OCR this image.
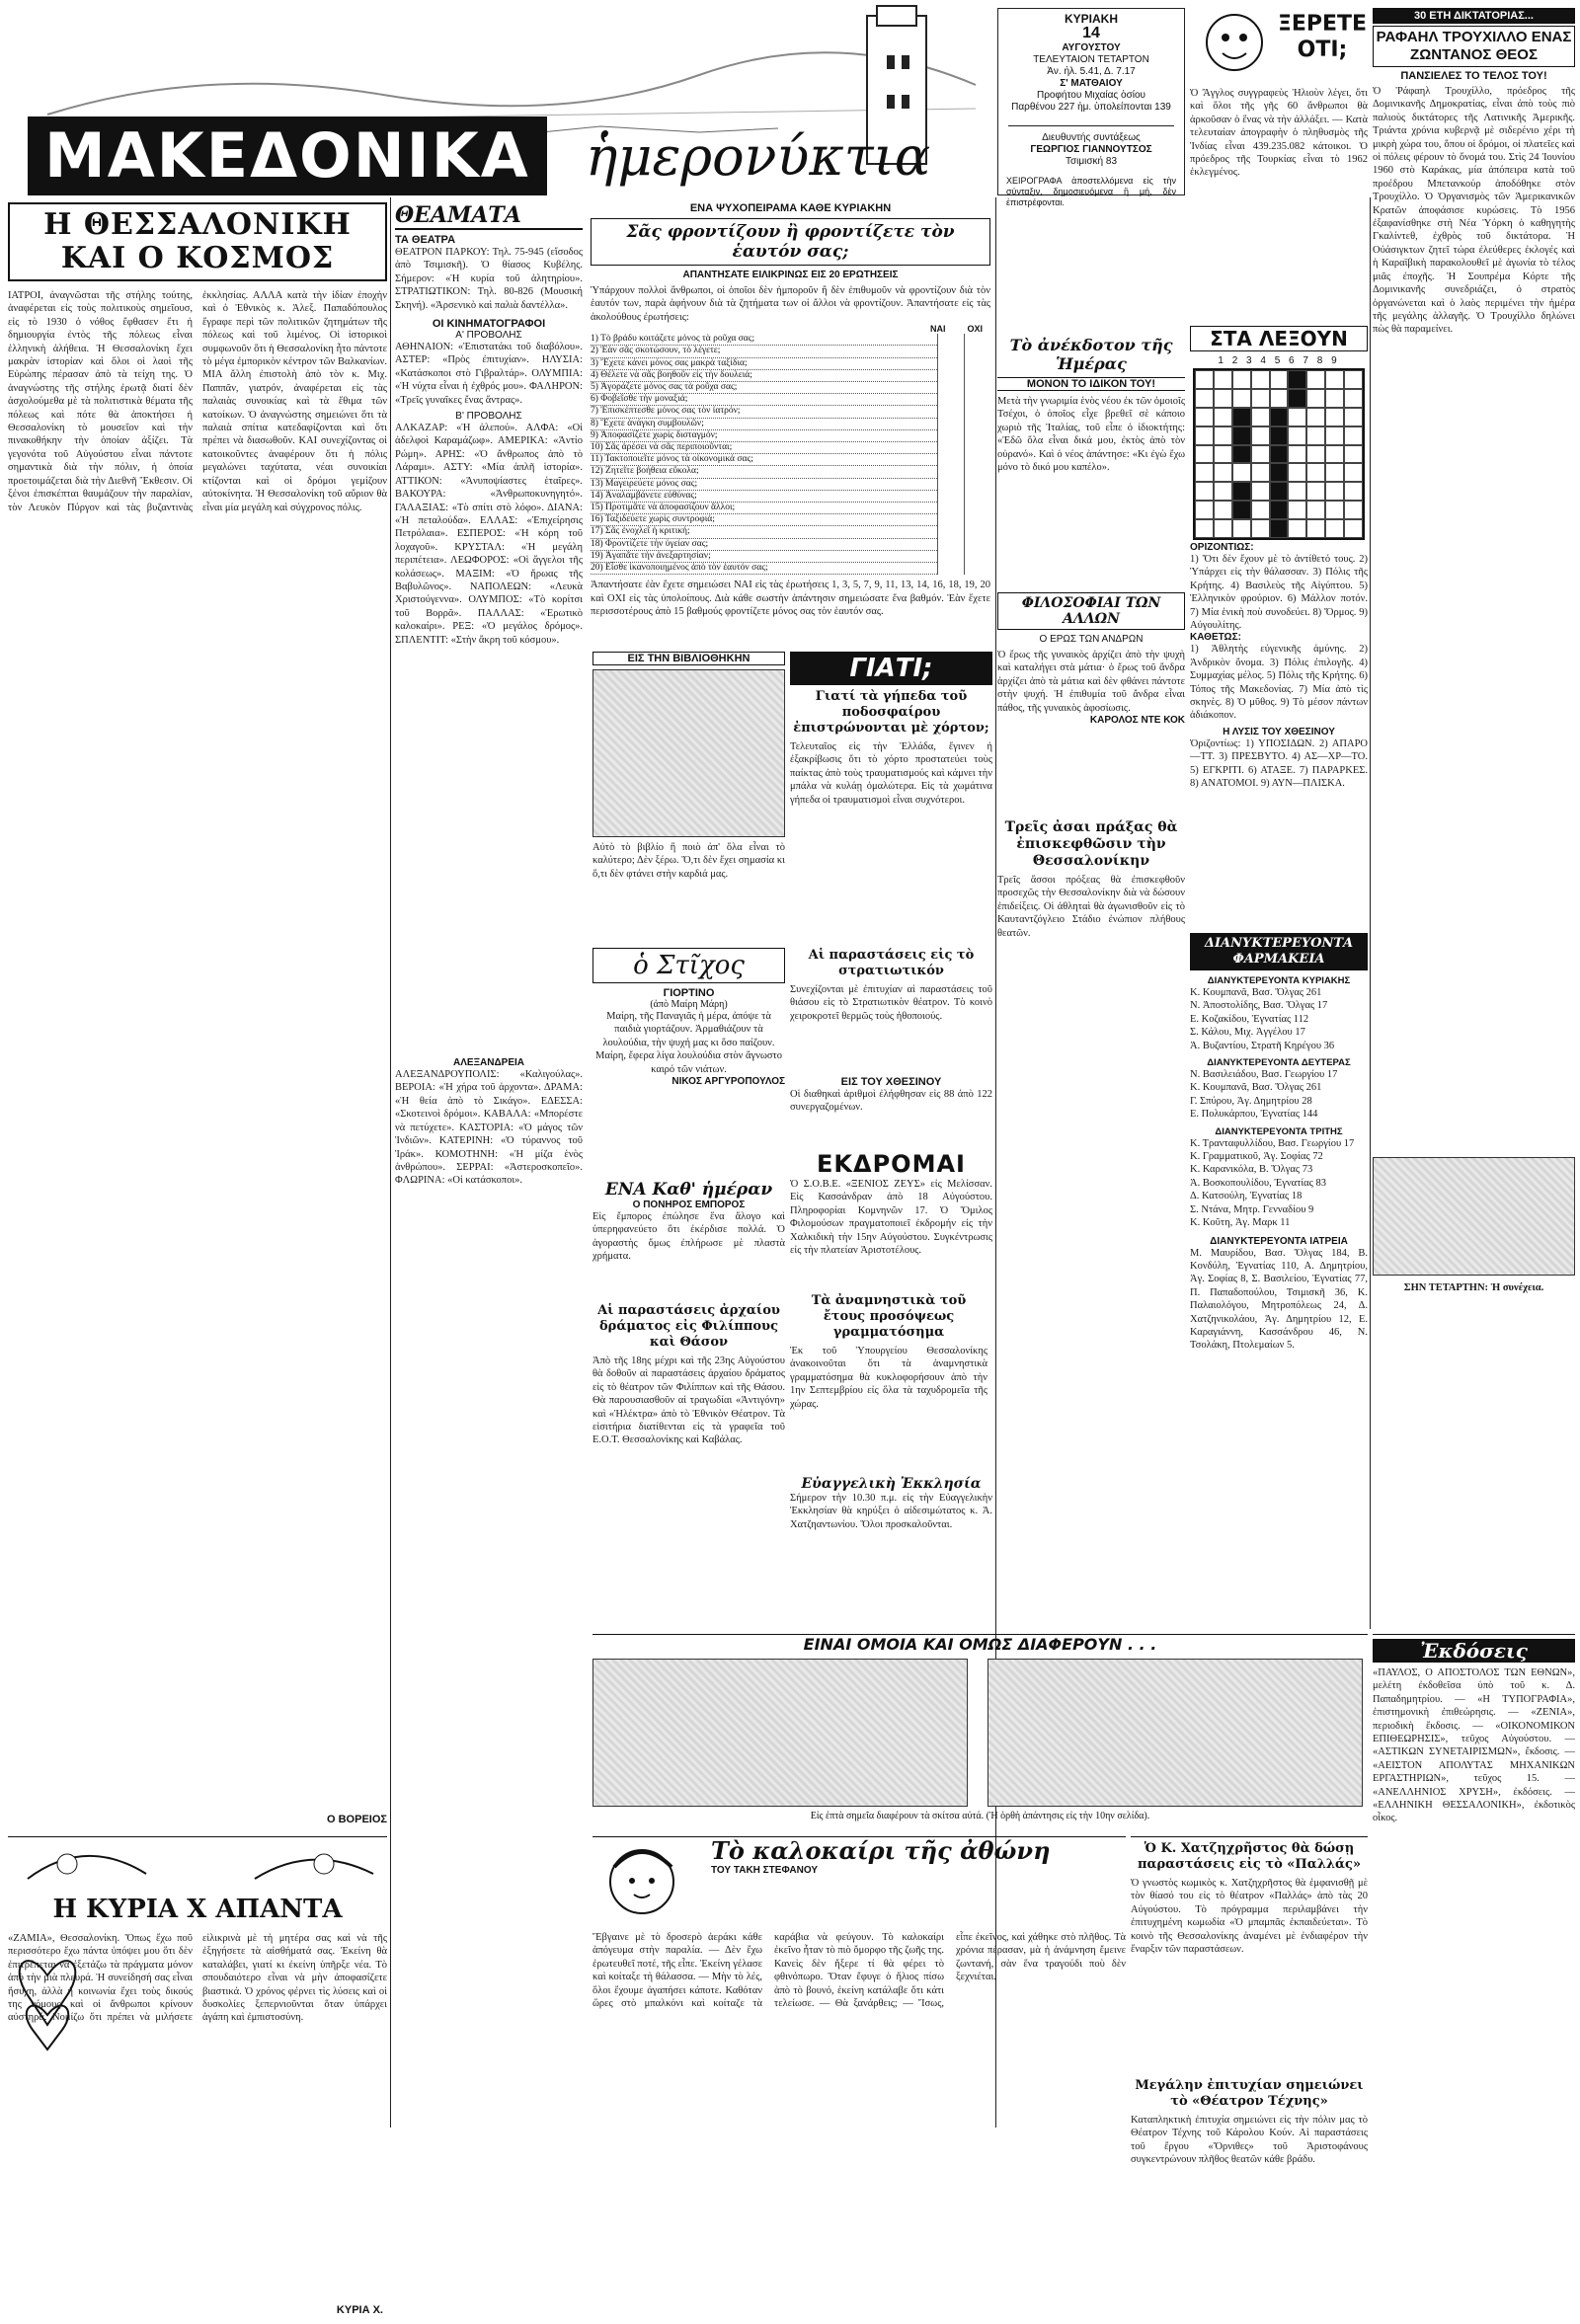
ΜΑΚΕΔΟΝΙΚΑ	ἡμερονύκτια
ΚΥΡΙΑΚΗ
14
ΑΥΓΟΥΣΤΟΥ
ΤΕΛΕΥΤΑΙΟΝ ΤΕΤΑΡΤΟΝ
Ἀν. ἡλ. 5.41, Δ. 7.17
Σ' ΜΑΤΘΑΙΟΥ
Προφήτου Μιχαίας ὁσίου
Παρθένου 227 ἡμ. ὑπολείπονται 139
Διευθυντής συντάξεως
ΓΕΩΡΓΙΟΣ ΓΙΑΝΝΟΥΤΣΟΣ
Τσιμισκή 83
ΧΕΙΡΟΓΡΑΦΑ ἀποστελλόμενα εἰς τὴν σύνταξιν, δημοσιευόμενα ἢ μή, δὲν ἐπιστρέφονται.
ΞΕΡΕΤΕ ΟΤΙ;
Ὁ Ἄγγλος συγγραφεὺς Ἠλιοὺν λέγει, ὅτι καὶ ὅλοι τῆς γῆς 60 ἄνθρωποι θὰ ἀρκοῦσαν ὁ ἕνας νὰ τὴν ἀλλάξει. — Κατὰ τελευταίαν ἀπογραφὴν ὁ πληθυσμὸς τῆς Ἰνδίας εἶναι 439.235.082 κάτοικοι. Ὁ πρόεδρος τῆς Τουρκίας εἶναι τὸ 1962 ἐκλεγμένος.
30 ΕΤΗ ΔΙΚΤΑΤΟΡΙΑΣ...
ΡΑΦΑΗΛ ΤΡΟΥΧΙΛΛΟ ΕΝΑΣ ΖΩΝΤΑΝΟΣ ΘΕΟΣ
ΠΑΝΣΙΕΛΕΣ ΤΟ ΤΕΛΟΣ ΤΟΥ!
Ὁ Ῥάφαηλ Τρουχίλλο, πρόεδρος τῆς Δομινικανῆς Δημοκρατίας, εἶναι ἀπὸ τοὺς πιὸ παλιοὺς δικτάτορες τῆς Λατινικῆς Ἀμερικῆς. Τριάντα χρόνια κυβερνᾷ μὲ σιδερένιο χέρι τὴ μικρὴ χώρα του, ὅπου οἱ δρόμοι, οἱ πλατεῖες καὶ οἱ πόλεις φέρουν τὸ ὄνομά του. Στὶς 24 Ἰουνίου 1960 στὸ Καράκας, μία ἀπόπειρα κατὰ τοῦ προέδρου Μπετανκούρ ἀποδόθηκε στὸν Τρουχίλλο. Ὁ Ὀργανισμὸς τῶν Ἀμερικανικῶν Κρατῶν ἀποφάσισε κυρώσεις. Τὸ 1956 ἐξαφανίσθηκε στὴ Νέα Ὑόρκη ὁ καθηγητὴς Γκαλίντεθ, ἐχθρὸς τοῦ δικτάτορα. Ἡ Οὐάσιγκτων ζητεῖ τώρα ἐλεύθερες ἐκλογές καὶ ἡ Καραϊβικὴ παρακολουθεῖ μὲ ἀγωνία τὸ τέλος μιᾶς ἐποχῆς. Ἡ Σουπρέμα Κόρτε τῆς Δομινικανῆς συνεδριάζει, ὁ στρατὸς ὀργανώνεται καὶ ὁ λαὸς περιμένει τὴν ἡμέρα τῆς μεγάλης ἀλλαγῆς. Ὁ Τρουχίλλο δηλώνει πὼς θὰ παραμείνει.
ΣΗΝ ΤΕΤΑΡΤΗΝ: Ἡ συνέχεια.
Η ΘΕΣΣΑΛΟΝΙΚΗ ΚΑΙ Ο ΚΟΣΜΟΣ
ΙΑΤΡΟΙ, ἀναγνῶσται τῆς στήλης τούτης, ἀναφέρεται εἰς τοὺς πολιτικοὺς σημεῖουσ, εἰς τὸ 1930 ὁ νόθος ἔφθασεν ἔτι ἡ δημιουργία ἐντὸς τῆς πόλεως εἶναι ἑλληνικὴ ἀλήθεια. Ἡ Θεσσαλονίκη ἔχει μακρὰν ἱστορίαν καὶ ὅλοι οἱ λαοὶ τῆς Εὐρώπης πέρασαν ἀπὸ τὰ τείχη της. Ὁ ἀναγνώστης τῆς στήλης ἐρωτᾷ διατί δὲν ἀσχολούμεθα μὲ τὰ πολιτιστικὰ θέματα τῆς πόλεως καὶ πότε θὰ ἀποκτήσει ἡ Θεσσαλονίκη τὸ μουσεῖον καὶ τὴν πινακοθήκην τὴν ὁποίαν ἀξίζει. Τὰ γεγονότα τοῦ Αὐγούστου εἶναι πάντοτε σημαντικὰ διὰ τὴν πόλιν, ἡ ὁποία προετοιμάζεται διὰ τὴν Διεθνῆ Ἔκθεσιν. Οἱ ξένοι ἐπισκέπται θαυμάζουν τὴν παραλίαν, τὸν Λευκὸν Πύργον καὶ τὰς βυζαντινὰς ἐκκλησίας. ΑΛΛΑ κατὰ τὴν ἰδίαν ἐποχὴν καὶ ὁ Ἐθνικὸς κ. Ἀλεξ. Παπαδόπουλος ἔγραφε περὶ τῶν πολιτικῶν ζητημάτων τῆς πόλεως καὶ τοῦ λιμένος. Οἱ ἱστορικοὶ συμφωνοῦν ὅτι ἡ Θεσσαλονίκη ἦτο πάντοτε τὸ μέγα ἐμπορικὸν κέντρον τῶν Βαλκανίων. ΜΙΑ ἄλλη ἐπιστολὴ ἀπὸ τὸν κ. Μιχ. Παππᾶν, γιατρόν, ἀναφέρεται εἰς τὰς παλαιὰς συνοικίας καὶ τὰ ἔθιμα τῶν κατοίκων. Ὁ ἀναγνώστης σημειώνει ὅτι τὰ παλαιὰ σπίτια κατεδαφίζονται καὶ ὅτι πρέπει νὰ διασωθοῦν. ΚΑΙ συνεχίζοντας οἱ κατοικοῦντες ἀναφέρουν ὅτι ἡ πόλις μεγαλώνει ταχύτατα, νέαι συνοικίαι κτίζονται καὶ οἱ δρόμοι γεμίζουν αὐτοκίνητα. Ἡ Θεσσαλονίκη τοῦ αὔριον θὰ εἶναι μία μεγάλη καὶ σύγχρονος πόλις.
Ο ΒΟΡΕΙΟΣ
Η ΚΥΡΙΑ Χ ΑΠΑΝΤΑ
«ΖΑΜΙΑ», Θεσσαλονίκη. Ὅπως ἔχω ποῦ περισσότερο ἔχω πάντα ὑπόψει μου ὅτι δὲν ἐπιτρέπεται νὰ ἐξετάζω τὰ πράγματα μόνον ἀπὸ τὴν μιὰ πλευρά. Ἡ συνείδησή σας εἶναι ἥσυχη, ἀλλὰ ἡ κοινωνία ἔχει τοὺς δικούς της νόμους καὶ οἱ ἄνθρωποι κρίνουν αὐστηρά. Νομίζω ὅτι πρέπει νὰ μιλήσετε εἰλικρινὰ μὲ τὴ μητέρα σας καὶ νὰ τῆς ἐξηγήσετε τὰ αἰσθήματά σας. Ἐκείνη θὰ καταλάβει, γιατί κι ἐκείνη ὑπῆρξε νέα. Τὸ σπουδαιότερο εἶναι νὰ μὴν ἀποφασίζετε βιαστικά. Ὁ χρόνος φέρνει τὶς λύσεις καὶ οἱ δυσκολίες ξεπερνιοῦνται ὅταν ὑπάρχει ἀγάπη καὶ ἐμπιστοσύνη.
ΚΥΡΙΑ Χ.
ΘΕΑΜΑΤΑ
ΤΑ ΘΕΑΤΡΑ
ΘΕΑΤΡΟΝ ΠΑΡΚΟΥ: Τηλ. 75-945 (εἴσοδος ἀπὸ Τσιμισκῆ). Ὁ θίασος Κυβέλης. Σήμερον: «Ἡ κυρία τοῦ ἀλητηρίου». ΣΤΡΑΤΙΩΤΙΚΟΝ: Τηλ. 80-826 (Μουσική Σκηνή). «Ἀρσενικὸ καὶ παλιὰ δαντέλλα».
ΟΙ ΚΙΝΗΜΑΤΟΓΡΑΦΟΙ
Α' ΠΡΟΒΟΛΗΣ
ΑΘΗΝΑΙΟΝ: «Ἐπιστατάκι τοῦ διαβόλου». ΑΣΤΕΡ: «Πρὸς ἐπιτυχίαν». ΗΛΥΣΙΑ: «Κατάσκοποι στὸ Γιβραλτάρ». ΟΛΥΜΠΙΑ: «Ἡ νύχτα εἶναι ἡ ἐχθρός μου». ΦΑΛΗΡΟΝ: «Τρεῖς γυναῖκες ἔνας ἄντρας».
Β' ΠΡΟΒΟΛΗΣ
ΑΛΚΑΖΑΡ: «Ἡ ἀλεπού». ΑΛΦΑ: «Οἱ ἀδελφοὶ Καραμάζωφ». ΑΜΕΡΙΚΑ: «Ἀντίο Ρώμη». ΑΡΗΣ: «Ὁ ἄνθρωπος ἀπὸ τὸ Λάραμι». ΑΣΤΥ: «Μία ἀπλῆ ἱστορία». ΑΤΤΙΚΟΝ: «Ἀνυποψίαστες ἑταῖρες». ΒΑΚΟΥΡΑ: «Ἀνθρωποκυνηγητό». ΓΑΛΑΞΙΑΣ: «Τὸ σπίτι στὸ λόφο». ΔΙΑΝΑ: «Ἡ πεταλούδα». ΕΛΛΑΣ: «Ἐπιχείρησις Πετρόλαια». ΕΣΠΕΡΟΣ: «Ἡ κόρη τοῦ λοχαγοῦ». ΚΡΥΣΤΑΛ: «Ἡ μεγάλη περιπέτεια». ΛΕΩΦΟΡΟΣ: «Οἱ ἄγγελοι τῆς κολάσεως». ΜΑΞΙΜ: «Ὁ ἥρωας τῆς Βαβυλῶνος». ΝΑΠΟΛΕΩΝ: «Λευκὰ Χριστούγεννα». ΟΛΥΜΠΟΣ: «Τὸ κορίτσι τοῦ Βορρᾶ». ΠΑΛΛΑΣ: «Ἐρωτικὸ καλοκαίρι». ΡΕΞ: «Ὁ μεγάλος δρόμος». ΣΠΛΕΝΤΙΤ: «Στὴν ἄκρη τοῦ κόσμου».
ΑΛΕΞΑΝΔΡΕΙΑ
ΑΛΕΞΑΝΔΡΟΥΠΟΛΙΣ: «Καλιγούλας». ΒΕΡΟΙΑ: «Ἡ χήρα τοῦ ἀρχοντα». ΔΡΑΜΑ: «Ἡ θεία ἀπὸ τὸ Σικάγο». ΕΔΕΣΣΑ: «Σκοτεινοὶ δρόμοι». ΚΑΒΑΛΑ: «Μπορέστε νὰ πετύχετε». ΚΑΣΤΟΡΙΑ: «Ὁ μάγος τῶν Ἰνδιῶν». ΚΑΤΕΡΙΝΗ: «Ὁ τύραννος τοῦ Ἰράκ». ΚΟΜΟΤΗΝΗ: «Ἡ μίζα ἑνὸς ἀνθρώπου». ΣΕΡΡΑΙ: «Ἀστεροσκοπεῖο». ΦΛΩΡΙΝΑ: «Οἱ κατάσκοποι».
ΕΝΑ ΨΥΧΟΠΕΙΡΑΜΑ ΚΑΘΕ ΚΥΡΙΑΚΗΝ
Σᾶς φροντίζουν ἢ φροντίζετε τὸν ἑαυτόν σας;
ΑΠΑΝΤΗΣΑΤΕ ΕΙΛΙΚΡΙΝΩΣ ΕΙΣ 20 ΕΡΩΤΗΣΕΙΣ
Ὑπάρχουν πολλοὶ ἄνθρωποι, οἱ ὁποῖοι δὲν ἠμποροῦν ἢ δὲν ἐπιθυμοῦν νὰ φροντίζουν διὰ τὸν ἑαυτόν των, παρὰ ἀφήνουν διὰ τὰ ζητήματα των οἱ ἄλλοι νὰ φροντίζουν. Ἀπαντήσατε εἰς τὰς ἀκολούθους ἐρωτήσεις:
ΝΑΙ ΟΧΙ
1) Τὸ βράδυ κοιτάζετε μόνος τὰ ροῦχα σας;

2) Ἐὰν σᾶς σκοτώσουν, τὸ λέγετε;

3) Ἔχετε κάνει μόνος σας μακρὰ ταξίδια;

4) Θέλετε νὰ σᾶς βοηθοῦν εἰς τὴν δουλειά;

5) Ἀγοράζετε μόνος σας τὰ ροῦχα σας;

6) Φοβεῖσθε τὴν μοναξιά;

7) Ἐπισκέπτεσθε μόνος σας τὸν ἰατρόν;

8) Ἔχετε ἀνάγκη συμβουλῶν;

9) Ἀποφασίζετε χωρὶς δισταγμόν;

10) Σᾶς ἀρέσει νὰ σᾶς περιποιοῦνται;

11) Τακτοποιεῖτε μόνος τὰ οἰκονομικά σας;

12) Ζητεῖτε βοήθεια εὔκολα;

13) Μαγειρεύετε μόνος σας;

14) Ἀναλαμβάνετε εὐθύνας;

15) Προτιμᾶτε νὰ ἀποφασίζουν ἄλλοι;

16) Ταξιδεύετε χωρὶς συντροφιά;

17) Σᾶς ἐνοχλεῖ ἡ κριτική;

18) Φροντίζετε τὴν ὑγείαν σας;

19) Ἀγαπᾶτε τὴν ἀνεξαρτησίαν;

20) Εἶσθε ἱκανοποιημένος ἀπὸ τὸν ἑαυτόν σας;

Ἀπαντήσατε ἐὰν ἔχετε σημειώσει ΝΑΙ εἰς τὰς ἐρωτήσεις 1, 3, 5, 7, 9, 11, 13, 14, 16, 18, 19, 20 καὶ ΟΧΙ εἰς τὰς ὑπολοίπους. Διὰ κάθε σωστὴν ἀπάντησιν σημειώσατε ἕνα βαθμόν. Ἐὰν ἔχετε περισσοτέρους ἀπὸ 15 βαθμούς φροντίζετε μόνος σας τὸν ἑαυτόν σας.
Τὸ ἀνέκδοτον τῆς Ἡμέρας
ΜΟΝΟΝ ΤΟ ΙΔΙΚΟΝ ΤΟΥ!
Μετὰ τὴν γνωριμία ἑνὸς νέου ἐκ τῶν ὁμοιοῖς Τσέχοι, ὁ ὁποῖος εἶχε βρεθεῖ σὲ κάποιο χωριὸ τῆς Ἰταλίας, τοῦ εἶπε ὁ ἰδιοκτήτης: «Ἐδῶ ὅλα εἶναι δικά μου, ἐκτὸς ἀπὸ τὸν οὐρανό». Καὶ ὁ νέος ἀπάντησε: «Κι ἐγὼ ἔχω μόνο τὸ δικό μου καπέλο».
ΦΙΛΟΣΟΦΙΑΙ ΤΩΝ ΑΛΛΩΝ
Ο ΕΡΩΣ ΤΩΝ ΑΝΔΡΩΝ
Ὁ ἔρως τῆς γυναικὸς ἀρχίζει ἀπὸ τὴν ψυχὴ καὶ καταλήγει στὰ μάτια· ὁ ἔρως τοῦ ἄνδρα ἀρχίζει ἀπὸ τὰ μάτια καὶ δὲν φθάνει πάντοτε στὴν ψυχή. Ἡ ἐπιθυμία τοῦ ἄνδρα εἶναι πάθος, τῆς γυναικὸς ἀφοσίωσις.
ΚΑΡΟΛΟΣ ΝΤΕ ΚΟΚ
Τρεῖς ἀσαι πράξας θὰ ἐπισκεφθῶσιν τὴν Θεσσαλονίκην
Τρεῖς ἄσσοι πρόξεας θὰ ἐπισκεφθοῦν προσεχῶς τὴν Θεσσαλονίκην διὰ νὰ δώσουν ἐπιδείξεις. Οἱ ἀθληταὶ θὰ ἀγωνισθοῦν εἰς τὸ Καυταντζόγλειο Στάδιο ἐνώπιον πλήθους θεατῶν.
Τὰ ἀναμνηστικὰ τοῦ ἔτους προσόψεως γραμματόσημα
Ἐκ τοῦ Ὑπουργείου Θεσσαλονίκης ἀνακοινοῦται ὅτι τὰ ἀναμνηστικὰ γραμματόσημα θὰ κυκλοφορήσουν ἀπὸ τὴν 1ην Σεπτεμβρίου εἰς ὅλα τὰ ταχυδρομεῖα τῆς χώρας.
ΣΤΑ ΛΕΞΟΥΝ
1 2 3 4 5 6 7 8 9
ΟΡΙΖΟΝΤΙΩΣ:
1) Ὅτι δὲν ἔχουν μὲ τὸ ἀντίθετό τους. 2) Ὑπάρχει εἰς τὴν θάλασσαν. 3) Πόλις τῆς Κρήτης. 4) Βασιλεὺς τῆς Αἰγύπτου. 5) Ἑλληνικὸν φρούριον. 6) Μάλλον ποτόν. 7) Μία ἑνικὴ ποὺ συνοδεύει. 8) Ὄρμος. 9) Αὐγουλίτης.
ΚΑΘΕΤΩΣ:
1) Ἀθλητὴς εὐγενικῆς ἀμύνης. 2) Ἀνδρικὸν ὄνομα. 3) Πόλις ἐπιλογῆς. 4) Συμμαχίας μέλος. 5) Πόλις τῆς Κρήτης. 6) Τόπος τῆς Μακεδονίας. 7) Μία ἀπὸ τὶς σκηνὲς. 8) Ὁ μῦθος. 9) Τὸ μέσον πάντων ἀδιάκοπον.
Η ΛΥΣΙΣ ΤΟΥ ΧΘΕΣΙΝΟΥ
Ὁριζοντίως: 1) ΥΠΟΣΙΔΩΝ. 2) ΑΠΑΡΟ—ΤΤ. 3) ΠΡΕΣΒΥΤΟ. 4) ΑΣ—ΧΡ—ΤΟ. 5) ΕΓΚΡΙΤΙ. 6) ΑΤΑΞΕ. 7) ΠΑΡΑΡΚΕΣ. 8) ΑΝΑΤΟΜΟΙ. 9) ΑΥΝ—ΠΛΙΣΚΑ.
ΔΙΑΝΥΚΤΕΡΕΥΟΝΤΑ ΦΑΡΜΑΚΕΙΑ
ΔΙΑΝΥΚΤΕΡΕΥΟΝΤΑ ΚΥΡΙΑΚΗΣ
Κ. Κουμπανᾶ, Βασ. Ὄλγας 261
Ν. Ἀποστολίδης, Βασ. Ὄλγας 17
Ε. Κοζακίδου, Ἐγνατίας 112
Σ. Κάλου, Μιχ. Ἀγγέλου 17
Ἀ. Βυζαντίου, Στρατῆ Κηρέγου 36
ΔΙΑΝΥΚΤΕΡΕΥΟΝΤΑ ΔΕΥΤΕΡΑΣ
Ν. Βασιλειάδου, Βασ. Γεωργίου 17
Κ. Κουμπανᾶ, Βασ. Ὄλγας 261
Γ. Σπύρου, Ἀγ. Δημητρίου 28
Ε. Πολυκάρπου, Ἐγνατίας 144
ΔΙΑΝΥΚΤΕΡΕΥΟΝΤΑ ΤΡΙΤΗΣ
Κ. Τρανταφυλλίδου, Βασ. Γεωργίου 17
Κ. Γραμματικοῦ, Ἀγ. Σοφίας 72
Κ. Καρανικόλα, Β. Ὄλγας 73
Ἀ. Βοσκοπουλίδου, Ἐγνατίας 83
Δ. Κατσούλη, Ἐγνατίας 18
Σ. Ντάνα, Μητρ. Γενναδίου 9
Κ. Κοῦτη, Ἀγ. Μαρκ 11
ΔΙΑΝΥΚΤΕΡΕΥΟΝΤΑ ΙΑΤΡΕΙΑ
Μ. Μαυρίδου, Βασ. Ὄλγας 184, Β. Κονδύλη, Ἐγνατίας 110, Α. Δημητρίου, Ἀγ. Σοφίας 8, Σ. Βασιλείου, Ἐγνατίας 77, Π. Παπαδοπούλου, Τσιμισκῆ 36, Κ. Παλαιολόγου, Μητροπόλεως 24, Δ. Χατζηνικολάου, Ἀγ. Δημητρίου 12, Ε. Καραγιάννη, Κασσάνδρου 46, Ν. Τσολάκη, Πτολεμαίων 5.
ΕΙΣ ΤΗΝ ΒΙΒΛΙΟΘΗΚΗΝ
Αὐτὸ τὸ βιβλίο ἢ ποιὸ ἀπ' ὅλα εἶναι τὸ καλύτερο; Δὲν ξέρω. Ὅ,τι δὲν ἔχει σημασία κι ὅ,τι δὲν φτάνει στὴν καρδιά μας.
ΓΙΑΤΙ;
Γιατί τὰ γήπεδα τοῦ ποδοσφαίρου ἐπιστρώνονται μὲ χόρτον;
Τελευταῖος εἰς τὴν Ἑλλάδα, ἔγινεν ἡ ἐξακρίβωσις ὅτι τὸ χόρτο προστατεύει τοὺς παίκτας ἀπὸ τοὺς τραυματισμούς καὶ κάμνει τὴν μπάλα νὰ κυλάῃ ὁμαλώτερα. Εἰς τὰ χωμάτινα γήπεδα οἱ τραυματισμοὶ εἶναι συχνότεροι.
ὁ Στῖχος
ΓΙΟΡΤΙΝΟ
(ἀπὸ Μαίρη Μάρη)
Μαίρη, τῆς Παναγιᾶς ἡ μέρα, ἀπόψε τὰ παιδιὰ γιορτάζουν. Ἀρμαθιάζουν τὰ λουλούδια, τὴν ψυχή μας κι ὅσο παίζουν. Μαίρη, ἔφερα λίγα λουλούδια στὸν ἄγνωστο καιρό τῶν νιάτων.
ΝΙΚΟΣ ΑΡΓΥΡΟΠΟΥΛΟΣ
Αἱ παραστάσεις εἰς τὸ στρατιωτικόν
Συνεχίζονται μὲ ἐπιτυχίαν αἱ παραστάσεις τοῦ θιάσου εἰς τὸ Στρατιωτικὸν θέατρον. Τὸ κοινὸ χειροκροτεῖ θερμῶς τοὺς ἠθοποιούς.
ΕΝΑ Καθ' ἡμέραν
Ο ΠΟΝΗΡΟΣ ΕΜΠΟΡΟΣ
Εἰς ἔμπορος ἐπώλησε ἕνα ἄλογο καὶ ὑπερηφανεύετο ὅτι ἐκέρδισε πολλά. Ὁ ἀγοραστὴς ὅμως ἐπλήρωσε μὲ πλαστὰ χρήματα.
Αἱ παραστάσεις ἀρχαίου δράματος εἰς Φιλίππους καὶ Θάσον
Ἀπὸ τῆς 18ης μέχρι καὶ τῆς 23ης Αὐγούστου θὰ δοθοῦν αἱ παραστάσεις ἀρχαίου δράματος εἰς τὸ θέατρον τῶν Φιλίππων καὶ τῆς Θάσου. Θὰ παρουσιασθοῦν αἱ τραγωδίαι «Ἀντιγόνη» καὶ «Ἠλέκτρα» ἀπὸ τὸ Ἐθνικὸν Θέατρον. Τὰ εἰσιτήρια διατίθενται εἰς τὰ γραφεῖα τοῦ Ε.Ο.Τ. Θεσσαλονίκης καὶ Καβάλας.
ΕΙΣ ΤΟΥ ΧΘΕΣΙΝΟΥ
Οἱ διαθηκαὶ ἀριθμοὶ ἐλήφθησαν εἰς 88 ἀπὸ 122 συνεργαζομένων.
ΕΚΔΡΟΜΑΙ
Ὁ Σ.Ο.Β.Ε. «ΞΕΝΙΟΣ ΖΕΥΣ» εἰς Μελίσσαν. Εἰς Κασσάνδραν ἀπὸ 18 Αὐγούστου. Πληροφορίαι Κομνηνῶν 17. Ὁ Ὅμιλος Φιλομούσων πραγματοποιεῖ ἐκδρομήν εἰς τὴν Χαλκιδικὴ τὴν 15ην Αὐγούστου. Συγκέντρωσις εἰς τὴν πλατείαν Ἀριστοτέλους.
Εὐαγγελικὴ Ἐκκλησία
Σήμερον τὴν 10.30 π.μ. εἰς τὴν Εὐαγγελικὴν Ἐκκλησίαν θὰ κηρύξει ὁ αἰδεσιμώτατος κ. Ἀ. Χατζηαντωνίου. Ὅλοι προσκαλοῦνται.
ΕΙΝΑΙ ΟΜΟΙΑ ΚΑΙ ΟΜΩΣ ΔΙΑΦΕΡΟΥΝ . . .
Εἰς ἑπτὰ σημεῖα διαφέρουν τὰ σκίτσα αὐτά. (Ἡ ὀρθὴ ἀπάντησις εἰς τὴν 10ην σελίδα).
Τὸ καλοκαίρι τῆς ἀθώνη
ΤΟΥ ΤΑΚΗ ΣΤΕΦΑΝΟΥ
Ἔβγαινε μὲ τὸ δροσερὸ ἀεράκι κάθε ἀπόγευμα στὴν παραλία. — Δὲν ἔχω ἐρωτευθεῖ ποτέ, τῆς εἶπε. Ἐκείνη γέλασε καὶ κοίταξε τὴ θάλασσα. — Μὴν τὸ λές, ὅλοι ἔχουμε ἀγαπήσει κάποτε. Καθόταν ὥρες στὸ μπαλκόνι καὶ κοίταζε τὰ καράβια νὰ φεύγουν. Τὸ καλοκαίρι ἐκεῖνο ἦταν τὸ πιὸ ὄμορφο τῆς ζωῆς της. Κανεὶς δὲν ἤξερε τί θὰ φέρει τὸ φθινόπωρο. Ὅταν ἔφυγε ὁ ἥλιος πίσω ἀπὸ τὸ βουνό, ἐκείνη κατάλαβε ὅτι κάτι τελείωσε. — Θὰ ξανάρθεις; — Ἴσως, εἶπε ἐκεῖνος, καὶ χάθηκε στὸ πλῆθος. Τὰ χρόνια πέρασαν, μὰ ἡ ἀνάμνηση ἔμεινε ζωντανή, σὰν ἕνα τραγούδι ποὺ δὲν ξεχνιέται.
Ὁ Κ. Χατζηχρῆστος θὰ δώσῃ παραστάσεις εἰς τὸ «Παλλάς»
Ὁ γνωστὸς κωμικὸς κ. Χατζηχρῆστος θὰ ἐμφανισθῇ μὲ τὸν θίασό του εἰς τὸ θέατρον «Παλλάς» ἀπὸ τὰς 20 Αὐγούστου. Τὸ πρόγραμμα περιλαμβάνει τὴν ἐπιτυχημένη κωμωδία «Ὁ μπαμπᾶς ἐκπαιδεύεται». Τὸ κοινὸ τῆς Θεσσαλονίκης ἀναμένει μὲ ἐνδιαφέρον τὴν ἔναρξιν τῶν παραστάσεων.
Μεγάλην ἐπιτυχίαν σημειώνει τὸ «Θέατρον Τέχνης»
Καταπληκτικὴ ἐπιτυχία σημειώνει εἰς τὴν πόλιν μας τὸ Θέατρον Τέχνης τοῦ Κάρολου Κούν. Αἱ παραστάσεις τοῦ ἔργου «Ὄρνιθες» τοῦ Ἀριστοφάνους συγκεντρώνουν πλῆθος θεατῶν κάθε βράδυ.
Ἐκδόσεις
«ΠΑΥΛΟΣ, Ο ΑΠΟΣΤΟΛΟΣ ΤΩΝ ΕΘΝΩΝ», μελέτη ἐκδοθεῖσα ὑπὸ τοῦ κ. Δ. Παπαδημητρίου. — «Η ΤΥΠΟΓΡΑΦΙΑ», ἐπιστημονικὴ ἐπιθεώρησις. — «ΖΕΝΙΑ», περιοδικὴ ἔκδοσις. — «ΟΙΚΟΝΟΜΙΚΟΝ ΕΠΙΘΕΩΡΗΣΙΣ», τεῦχος Αὐγούστου. — «ΑΣΤΙΚΩΝ ΣΥΝΕΤΑΙΡΙΣΜΩΝ», ἔκδοσις. — «ΑΕΙΣΤΟΝ ΑΠΟΛΥΤΑΣ ΜΗΧΑΝΙΚΩΝ ΕΡΓΑΣΤΗΡΙΩΝ», τεῦχος 15. — «ΑΝΕΛΛΗΝΙΟΣ ΧΡΥΣΗ», ἐκδόσεις. — «ΕΛΛΗΝΙΚΗ ΘΕΣΣΑΛΟΝΙΚΗ», ἐκδοτικὸς οἶκος.
